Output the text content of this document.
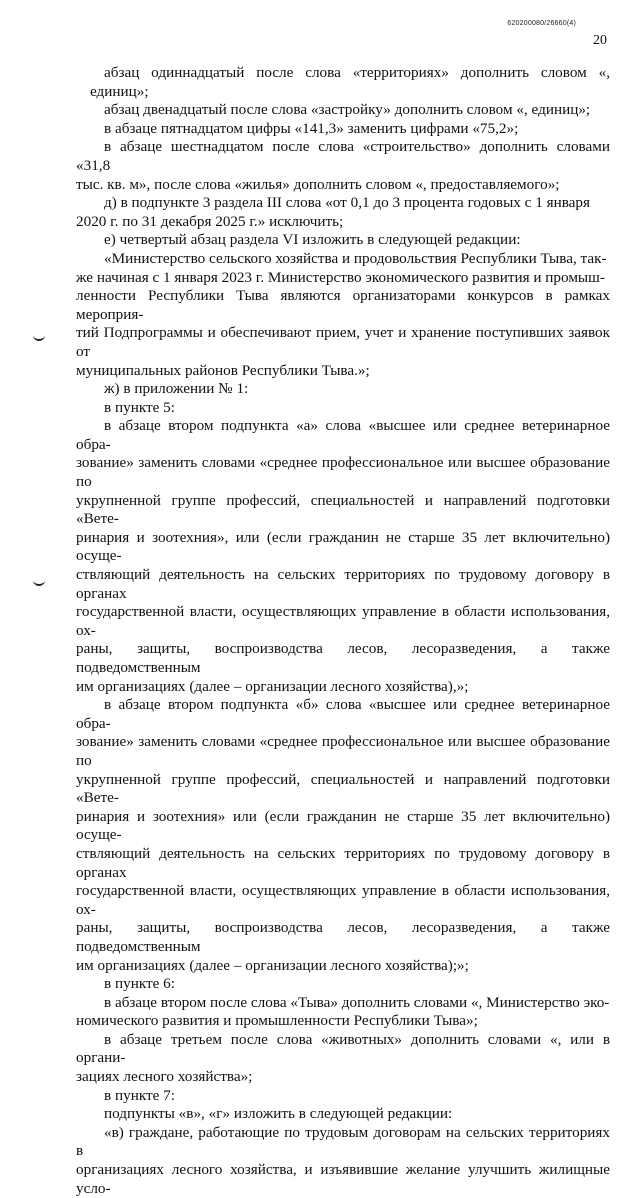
620200080/26660(4)
20

абзац одиннадцатый после слова «территориях» дополнить словом «, единиц»;

абзац двенадцатый после слова «застройку» дополнить словом «, единиц»;

в абзаце пятнадцатом цифры «141,3» заменить цифрами «75,2»;

в абзаце шестнадцатом после слова «строительство» дополнить словами «31,8
тыс. кв. м», после слова «жилья» дополнить словом «, предоставляемого»;

д) в подпункте 3 раздела III слова «от 0,1 до 3 процента годовых с 1 января
2020 г. по 31 декабря 2025 г.» исключить;

е) четвертый абзац раздела VI изложить в следующей редакции:

«Министерство сельского хозяйства и продовольствия Республики Тыва, так-
же начиная с 1 января 2023 г. Министерство экономического развития и промыш-
ленности Республики Тыва являются организаторами конкурсов в рамках мероприя-
тий Подпрограммы и обеспечивают прием, учет и хранение поступивших заявок от
муниципальных районов Республики Тыва.»;

ж) в приложении № 1:

в пункте 5:

в абзаце втором подпункта «а» слова «высшее или среднее ветеринарное обра-
зование» заменить словами «среднее профессиональное или высшее образование по
укрупненной группе профессий, специальностей и направлений подготовки «Вете-
ринария и зоотехния», или (если гражданин не старше 35 лет включительно) осуще-
ствляющий деятельность на сельских территориях по трудовому договору в органах
государственной власти, осуществляющих управление в области использования, ох-
раны, защиты, воспроизводства лесов, лесоразведения, а также подведомственным
им организациях (далее – организации лесного хозяйства),»;

в абзаце втором подпункта «б» слова «высшее или среднее ветеринарное обра-
зование» заменить словами «среднее профессиональное или высшее образование по
укрупненной группе профессий, специальностей и направлений подготовки «Вете-
ринария и зоотехния» или (если гражданин не старше 35 лет включительно) осуще-
ствляющий деятельность на сельских территориях по трудовому договору в органах
государственной власти, осуществляющих управление в области использования, ох-
раны, защиты, воспроизводства лесов, лесоразведения, а также подведомственным
им организациях (далее – организации лесного хозяйства);»;

в пункте 6:

в абзаце втором после слова «Тыва» дополнить словами «, Министерство эко-
номического развития и промышленности Республики Тыва»;

в абзаце третьем после слова «животных» дополнить словами «, или в органи-
зациях лесного хозяйства»;

в пункте 7:

подпункты «в», «г» изложить в следующей редакции:

«в) граждане, работающие по трудовым договорам на сельских территориях в
организациях лесного хозяйства, и изъявившие желание улучшить жилищные усло-
